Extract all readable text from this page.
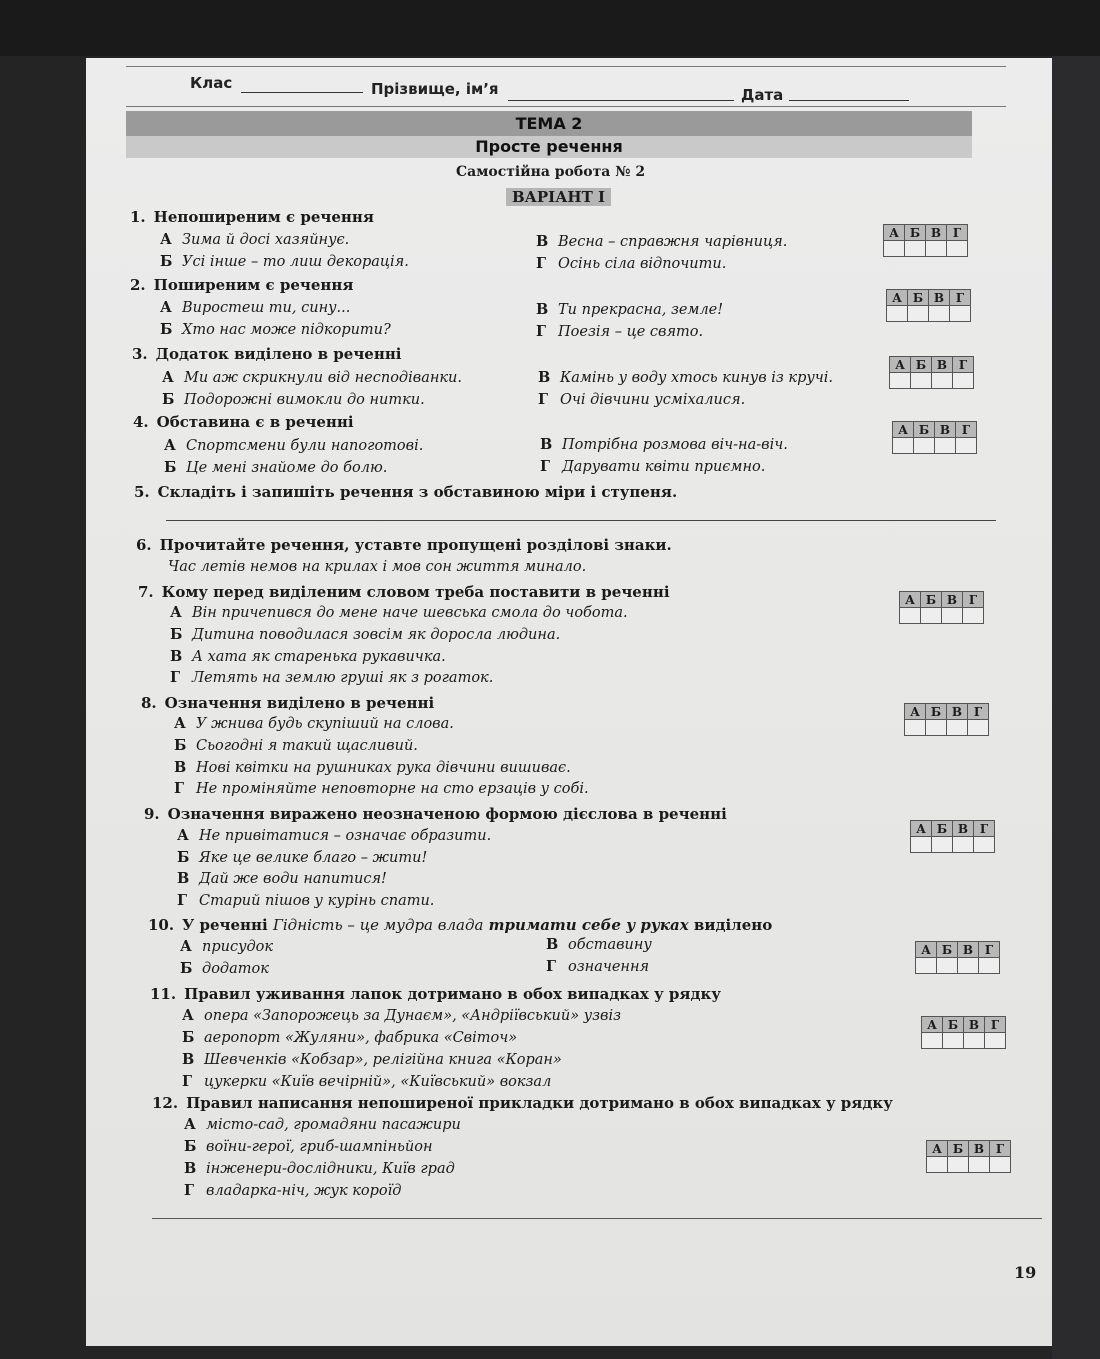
Клас	Прізвище, ім’я	Дата
ТЕМА 2
Просте речення
Самостійна робота № 2
ВАРІАНТ І
1. Непоширеним є речення
А Зима й досі хазяйнує.
Б Усі інше – то лиш декорація.
В Весна – справжня чарівниця.
Г Осінь сіла відпочити.
А	Б	В	Г

2. Поширеним є речення
А Виростеш ти, сину...
Б Хто нас може підкорити?
В Ти прекрасна, земле!
Г Поезія – це свято.
А	Б	В	Г

3. Додаток виділено в реченні
А Ми аж скрикнули від несподіванки.
Б Подорожні вимокли до нитки.
В Камінь у воду хтось кинув із кручі.
Г Очі дівчини усміхалися.
А	Б	В	Г

4. Обставина є в реченні
А Спортсмени були напоготові.
Б Це мені знайоме до болю.
В Потрібна розмова віч-на-віч.
Г Дарувати квіти приємно.
А	Б	В	Г

5. Складіть і запишіть речення з обставиною міри і ступеня.
6. Прочитайте речення, уставте пропущені розділові знаки.
Час летів немов на крилах і мов сон життя минало.
7. Кому перед виділеним словом треба поставити в реченні
А Він причепився до мене наче шевська смола до чобота.
Б Дитина поводилася зовсім як доросла людина.
В А хата як старенька рукавичка.
Г Летять на землю груші як з рогаток.
А	Б	В	Г

8. Означення виділено в реченні
А У жнива будь скупіший на слова.
Б Сьогодні я такий щасливий.
В Нові квітки на рушниках рука дівчини вишиває.
Г Не проміняйте неповторне на сто ерзаців у собі.
А	Б	В	Г

9. Означення виражено неозначеною формою дієслова в реченні
А Не привітатися – означає образити.
Б Яке це велике благо – жити!
В Дай же води напитися!
Г Старий пішов у курінь спати.
А	Б	В	Г

10. У реченні Гідність – це мудра влада тримати себе у руках виділено
А присудок
Б додаток
В обставину
Г означення
А	Б	В	Г

11. Правил уживання лапок дотримано в обох випадках у рядку
А опера «Запорожець за Дунаєм», «Андріївський» узвіз
Б аеропорт «Жуляни», фабрика «Світоч»
В Шевченків «Кобзар», релігійна книга «Коран»
Г цукерки «Київ вечірній», «Київський» вокзал
А	Б	В	Г

12. Правил написання непоширеної прикладки дотримано в обох випадках у рядку
А місто-сад, громадяни пасажири
Б воїни-герої, гриб-шампіньйон
В інженери-дослідники, Київ град
Г владарка-ніч, жук короїд
А	Б	В	Г

19
